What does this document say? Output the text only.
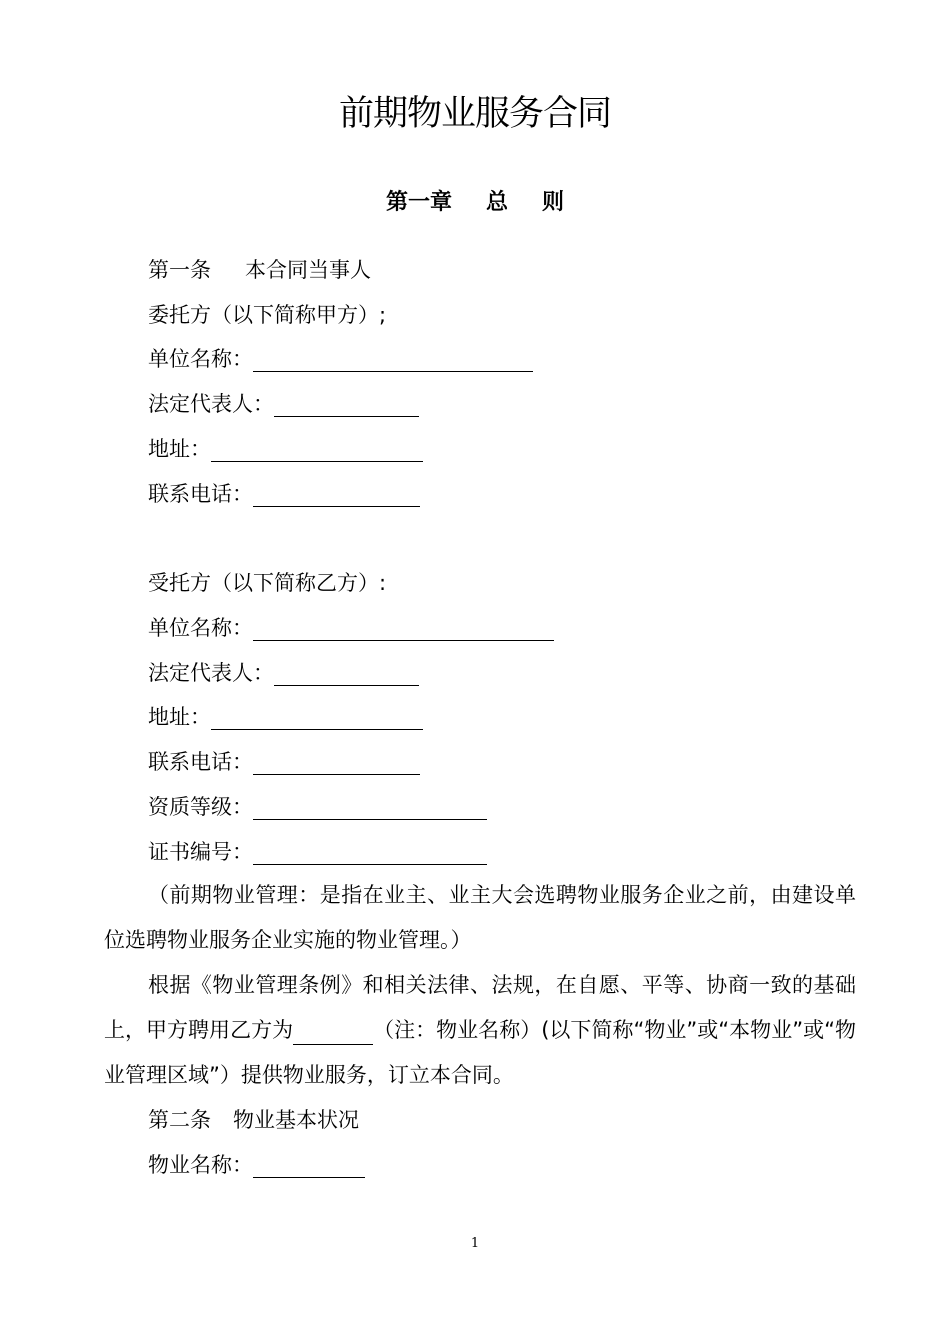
前期物业服务合同
第一章 总 则
第一条 本合同当事人
委托方（以下简称甲方）;
单位名称：
法定代表人：
地址：
联系电话：
受托方（以下简称乙方）:
单位名称：
法定代表人：
地址：
联系电话：
资质等级：
证书编号：
（前期物业管理：是指在业主、业主大会选聘物业服务企业之前，由建设单位选聘物业服务企业实施的物业管理。）
根据《物业管理条例》和相关法律、法规，在自愿、平等、协商一致的基础上，甲方聘用乙方为	（注：物业名称）(以下简称“物业”或“本物业”或“物业管理区域”）提供物业服务，订立本合同。
第二条 物业基本状况
物业名称：
1
